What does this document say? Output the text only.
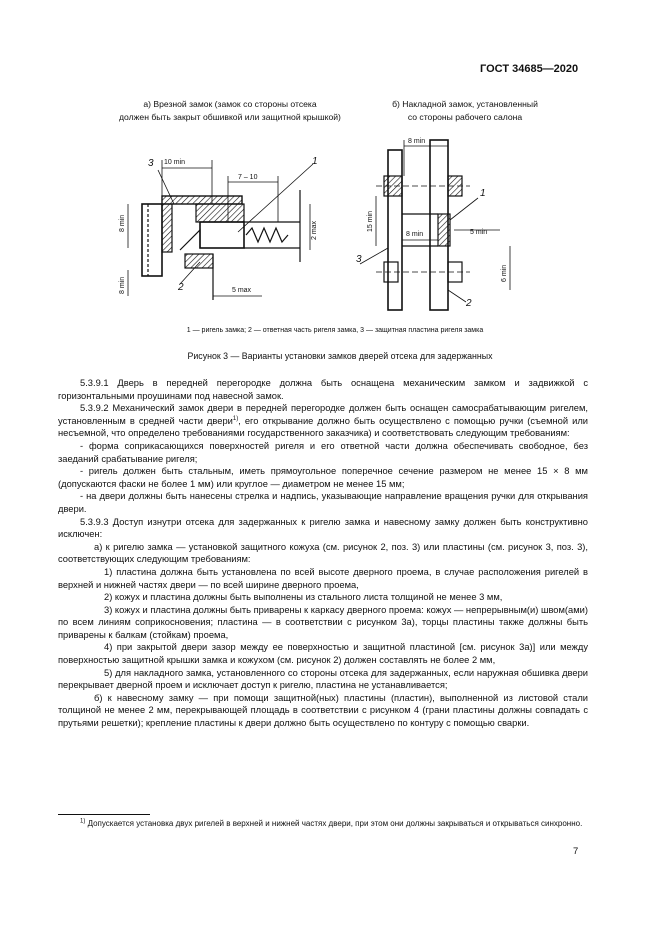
ГОСТ 34685—2020
а) Врезной замок (замок со стороны отсека
должен быть закрыт обшивкой или защитной крышкой)
б) Накладной замок, установленный
со стороны рабочего салона
10 min
7 – 10
2 max
8 min
8 min	5 max
3	1
2
8 min
15 min
8 min	5 min
6 min
1
3
2
1 — ригель замка; 2 — ответная часть ригеля замка, 3 — защитная пластина ригеля замка
Рисунок 3 — Варианты установки замков дверей отсека для задержанных

5.3.9.1 Дверь в передней перегородке должна быть оснащена механическим замком и задвижкой с горизонтальными проушинами под навесной замок.

5.3.9.2 Механический замок двери в передней перегородке должен быть оснащен самосрабатывающим ригелем, установленным в средней части двери$^{1)}$, его открывание должно быть осуществлено с помощью ручки (съемной или несъемной, что определено требованиями государственного заказчика) и соответствовать следующим требованиям:

- форма соприкасающихся поверхностей ригеля и его ответной части должна обеспечивать свободное, без заеданий срабатывание ригеля;

- ригель должен быть стальным, иметь прямоугольное поперечное сечение размером не менее 15 × 8 мм (допускаются фаски не более 1 мм) или круглое — диаметром не менее 15 мм;

- на двери должны быть нанесены стрелка и надпись, указывающие направление вращения ручки для открывания двери.

5.3.9.3 Доступ изнутри отсека для задержанных к ригелю замка и навесному замку должен быть конструктивно исключен:

а) к ригелю замка — установкой защитного кожуха (см. рисунок 2, поз. 3) или пластины (см. рисунок 3, поз. 3), соответствующих следующим требованиям:

1) пластина должна быть установлена по всей высоте дверного проема, в случае расположения ригелей в верхней и нижней частях двери — по всей ширине дверного проема,

2) кожух и пластина должны быть выполнены из стального листа толщиной не менее 3 мм,

3) кожух и пластина должны быть приварены к каркасу дверного проема: кожух — непрерывным(и) швом(ами) по всем линиям соприкосновения; пластина — в соответствии с рисунком 3а), торцы пластины также должны быть приварены к балкам (стойкам) проема,

4) при закрытой двери зазор между ее поверхностью и защитной пластиной [см. рисунок 3а)] или между поверхностью защитной крышки замка и кожухом (см. рисунок 2) должен составлять не более 2 мм,

5) для накладного замка, установленного со стороны отсека для задержанных, если наружная обшивка двери перекрывает дверной проем и исключает доступ к ригелю, пластина не устанавливается;

б) к навесному замку — при помощи защитной(ных) пластины (пластин), выполненной из листовой стали толщиной не менее 2 мм, перекрывающей площадь в соответствии с рисунком 4 (грани пластины должны совпадать с прутьями решетки); крепление пластины к двери должно быть осуществлено по контуру с помощью сварки.

$^{1)}$ Допускается установка двух ригелей в верхней и нижней частях двери, при этом они должны закрываться и открываться синхронно.
7
